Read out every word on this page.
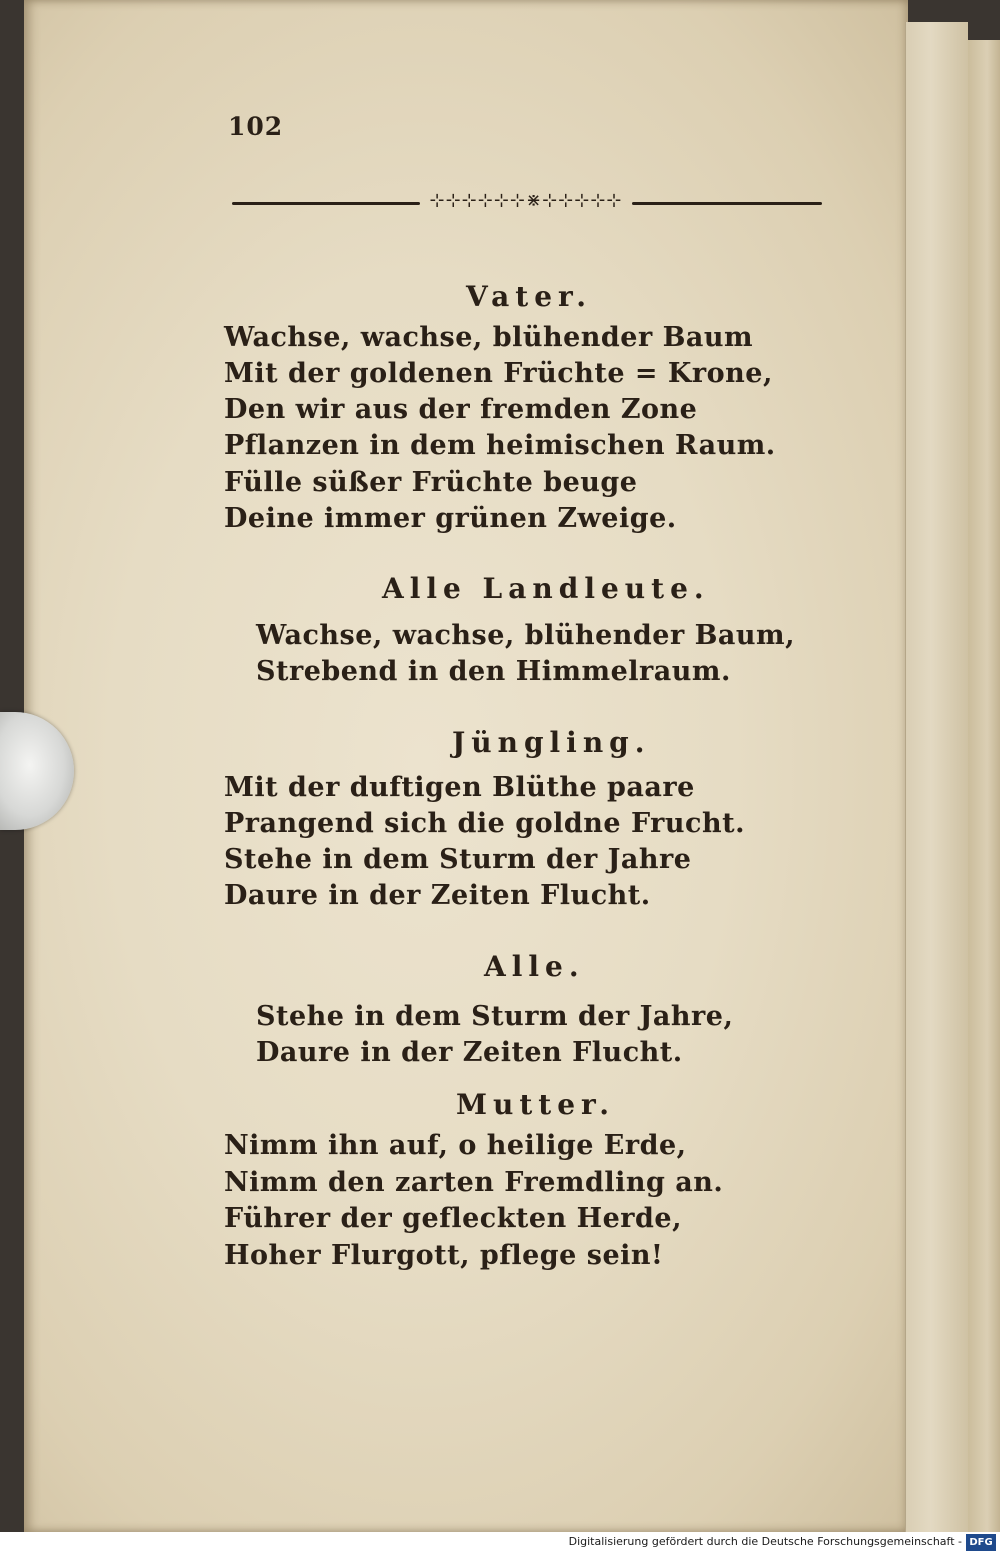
102
⊹⊹⊹⊹⊹⊹⋇⊹⊹⊹⊹⊹
Vater.
Wachse, wachse, blühender Baum
Mit der goldenen Früchte = Krone,
Den wir aus der fremden Zone
Pflanzen in dem heimischen Raum.
Fülle süßer Früchte beuge
Deine immer grünen Zweige.
Alle Landleute.
Wachse, wachse, blühender Baum,
Strebend in den Himmelraum.
Jüngling.
Mit der duftigen Blüthe paare
Prangend sich die goldne Frucht.
Stehe in dem Sturm der Jahre
Daure in der Zeiten Flucht.
Alle.
Stehe in dem Sturm der Jahre,
Daure in der Zeiten Flucht.
Mutter.
Nimm ihn auf, o heilige Erde,
Nimm den zarten Fremdling an.
Führer der gefleckten Herde,
Hoher Flurgott, pflege sein!
Digitalisierung gefördert durch die Deutsche Forschungsgemeinschaft - DFG
